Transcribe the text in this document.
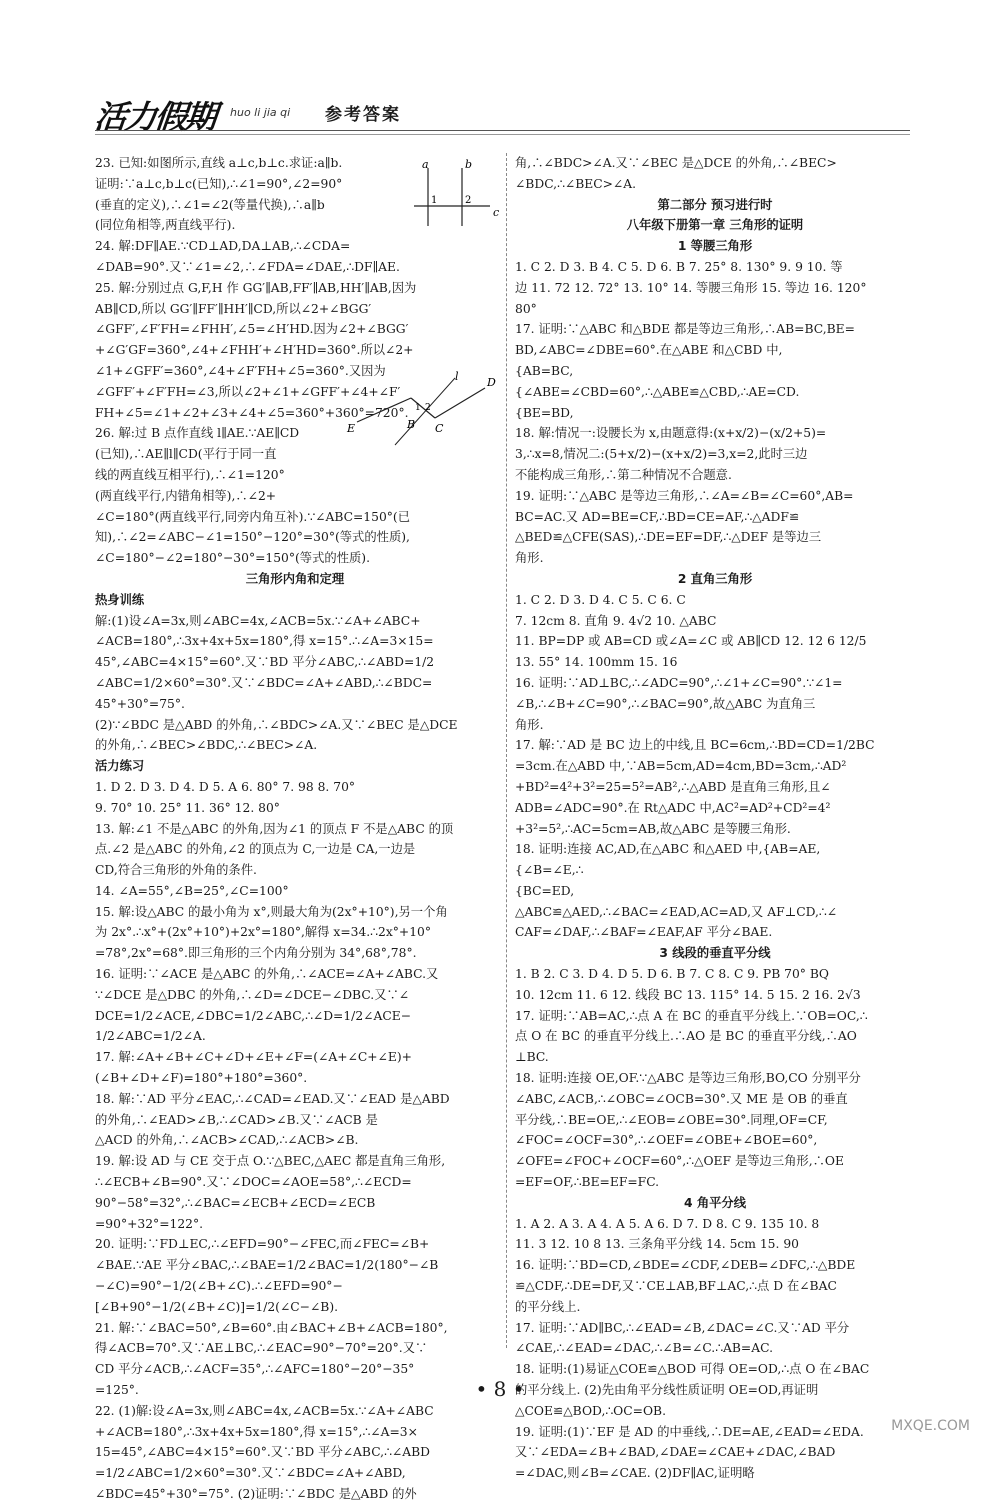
活力假期 huo li jia qi 参考答案
23. 已知:如图所示,直线 a⊥c,b⊥c.求证:a∥b.
证明:∵a⊥c,b⊥c(已知),∴∠1=90°,∠2=90°
(垂直的定义),∴∠1=∠2(等量代换),∴a∥b
(同位角相等,两直线平行).
24. 解:DF∥AE.∵CD⊥AD,DA⊥AB,∴∠CDA=
∠DAB=90°.又∵∠1=∠2,∴∠FDA=∠DAE,∴DF∥AE.
25. 解:分别过点 G,F,H 作 GG′∥AB,FF′∥AB,HH′∥AB,因为
AB∥CD,所以 GG′∥FF′∥HH′∥CD,所以∠2+∠BGG′
∠GFF′,∠F′FH=∠FHH′,∠5=∠H′HD.因为∠2+∠BGG′
+∠G′GF=360°,∠4+∠FHH′+∠H′HD=360°.所以∠2+
∠1+∠GFF′=360°,∠4+∠F′FH+∠5=360°.又因为
∠GFF′+∠F′FH=∠3,所以∠2+∠1+∠GFF′+∠4+∠F′
FH+∠5=∠1+∠2+∠3+∠4+∠5=360°+360°=720°.
26. 解:过 B 点作直线 l∥AE.∵AE∥CD
(已知),∴AE∥l∥CD(平行于同一直
线的两直线互相平行),∴∠1=120°
(两直线平行,内错角相等),∴∠2+
∠C=180°(两直线平行,同旁内角互补).∵∠ABC=150°(已
知),∴∠2=∠ABC−∠1=150°−120°=30°(等式的性质),
∠C=180°−∠2=180°−30°=150°(等式的性质).
三角形内角和定理
热身训练
解:(1)设∠A=3x,则∠ABC=4x,∠ACB=5x.∵∠A+∠ABC+
∠ACB=180°,∴3x+4x+5x=180°,得 x=15°.∴∠A=3×15=
45°,∠ABC=4×15°=60°.又∵BD 平分∠ABC,∴∠ABD=1/2
∠ABC=1/2×60°=30°.又∵∠BDC=∠A+∠ABD,∴∠BDC=
45°+30°=75°.
(2)∵∠BDC 是△ABD 的外角,∴∠BDC>∠A.又∵∠BEC 是△DCE
的外角,∴∠BEC>∠BDC,∴∠BEC>∠A.
活力练习
1. D 2. D 3. D 4. D 5. A 6. 80° 7. 98 8. 70°
9. 70° 10. 25° 11. 36° 12. 80°
13. 解:∠1 不是△ABC 的外角,因为∠1 的顶点 F 不是△ABC 的顶
点.∠2 是△ABC 的外角,∠2 的顶点为 C,一边是 CA,一边是
CD,符合三角形的外角的条件.
14. ∠A=55°,∠B=25°,∠C=100°
15. 解:设△ABC 的最小角为 x°,则最大角为(2x°+10°),另一个角
为 2x°.∴x°+(2x°+10°)+2x°=180°,解得 x=34.∴2x°+10°
=78°,2x°=68°.即三角形的三个内角分别为 34°,68°,78°.
16. 证明:∵∠ACE 是△ABC 的外角,∴∠ACE=∠A+∠ABC.又
∵∠DCE 是△DBC 的外角,∴∠D=∠DCE−∠DBC.又∵∠
DCE=1/2∠ACE,∠DBC=1/2∠ABC,∴∠D=1/2∠ACE−
1/2∠ABC=1/2∠A.
17. 解:∠A+∠B+∠C+∠D+∠E+∠F=(∠A+∠C+∠E)+
(∠B+∠D+∠F)=180°+180°=360°.
18. 解:∵AD 平分∠EAC,∴∠CAD=∠EAD.又∵∠EAD 是△ABD
的外角,∴∠EAD>∠B,∴∠CAD>∠B.又∵∠ACB 是
△ACD 的外角,∴∠ACB>∠CAD,∴∠ACB>∠B.
19. 解:设 AD 与 CE 交于点 O.∵△BEC,△AEC 都是直角三角形,
∴∠ECB+∠B=90°.又∵∠DOC=∠AOE=58°,∴∠ECD=
90°−58°=32°,∴∠BAC=∠ECB+∠ECD=∠ECB
=90°+32°=122°.
20. 证明:∵FD⊥EC,∴∠EFD=90°−∠FEC,而∠FEC=∠B+
∠BAE.∵AE 平分∠BAC,∴∠BAE=1/2∠BAC=1/2(180°−∠B
−∠C)=90°−1/2(∠B+∠C).∴∠EFD=90°−
[∠B+90°−1/2(∠B+∠C)]=1/2(∠C−∠B).
21. 解:∵∠BAC=50°,∠B=60°.由∠BAC+∠B+∠ACB=180°,
得∠ACB=70°.又∵AE⊥BC,∴∠EAC=90°−70°=20°.又∵
CD 平分∠ACB,∴∠ACF=35°,∴∠AFC=180°−20°−35°
=125°.
22. (1)解:设∠A=3x,则∠ABC=4x,∠ACB=5x.∵∠A+∠ABC
+∠ACB=180°,∴3x+4x+5x=180°,得 x=15°,∴∠A=3×
15=45°,∠ABC=4×15°=60°.又∵BD 平分∠ABC,∴∠ABD
=1/2∠ABC=1/2×60°=30°.又∵∠BDC=∠A+∠ABD,
∠BDC=45°+30°=75°. (2)证明:∵∠BDC 是△ABD 的外
角,∴∠BDC>∠A.又∵∠BEC 是△DCE 的外角,∴∠BEC>
∠BDC,∴∠BEC>∠A.
第二部分 预习进行时
八年级下册第一章 三角形的证明
1 等腰三角形
1. C 2. D 3. B 4. C 5. D 6. B 7. 25° 8. 130° 9. 9 10. 等
边 11. 72 12. 72° 13. 10° 14. 等腰三角形 15. 等边 16. 120°
80°
17. 证明:∵△ABC 和△BDE 都是等边三角形,∴AB=BC,BE=
BD,∠ABC=∠DBE=60°.在△ABE 和△CBD 中,
{AB=BC,
{∠ABE=∠CBD=60°,∴△ABE≌△CBD,∴AE=CD.
{BE=BD,
18. 解:情况一:设腰长为 x,由题意得:(x+x/2)−(x/2+5)=
3,∴x=8,情况二:(5+x/2)−(x+x/2)=3,x=2,此时三边
不能构成三角形,∴第二种情况不合题意.
19. 证明:∵△ABC 是等边三角形,∴∠A=∠B=∠C=60°,AB=
BC=AC.又 AD=BE=CF,∴BD=CE=AF,∴△ADF≌
△BED≌△CFE(SAS),∴DE=EF=DF,∴△DEF 是等边三
角形.
2 直角三角形
1. C 2. D 3. D 4. C 5. C 6. C
7. 12cm 8. 直角 9. 4√2 10. △ABC
11. BP=DP 或 AB=CD 或∠A=∠C 或 AB∥CD 12. 12 6 12/5
13. 55° 14. 100mm 15. 16
16. 证明:∵AD⊥BC,∴∠ADC=90°,∴∠1+∠C=90°.∵∠1=
∠B,∴∠B+∠C=90°,∴∠BAC=90°,故△ABC 为直角三
角形.
17. 解:∵AD 是 BC 边上的中线,且 BC=6cm,∴BD=CD=1/2BC
=3cm.在△ABD 中,∵AB=5cm,AD=4cm,BD=3cm,∴AD²
+BD²=4²+3²=25=5²=AB²,∴△ABD 是直角三角形,且∠
ADB=∠ADC=90°.在 Rt△ADC 中,AC²=AD²+CD²=4²
+3²=5²,∴AC=5cm=AB,故△ABC 是等腰三角形.
18. 证明:连接 AC,AD,在△ABC 和△AED 中,{AB=AE,
{∠B=∠E,∴
{BC=ED,
△ABC≌△AED,∴∠BAC=∠EAD,AC=AD,又 AF⊥CD,∴∠
CAF=∠DAF,∴∠BAF=∠EAF,AF 平分∠BAE.
3 线段的垂直平分线
1. B 2. C 3. D 4. D 5. D 6. B 7. C 8. C 9. PB 70° BQ
10. 12cm 11. 6 12. 线段 BC 13. 115° 14. 5 15. 2 16. 2√3
17. 证明:∵AB=AC,∴点 A 在 BC 的垂直平分线上.∵OB=OC,∴
点 O 在 BC 的垂直平分线上.∴AO 是 BC 的垂直平分线,∴AO
⊥BC.
18. 证明:连接 OE,OF.∵△ABC 是等边三角形,BO,CO 分别平分
∠ABC,∠ACB,∴∠OBC=∠OCB=30°.又 ME 是 OB 的垂直
平分线,∴BE=OE,∴∠EOB=∠OBE=30°.同理,OF=CF,
∠FOC=∠OCF=30°,∴∠OEF=∠OBE+∠BOE=60°,
∠OFE=∠FOC+∠OCF=60°,∴△OEF 是等边三角形,∴OE
=EF=OF,∴BE=EF=FC.
4 角平分线
1. A 2. A 3. A 4. A 5. A 6. D 7. D 8. C 9. 135 10. 8
11. 3 12. 10 8 13. 三条角平分线 14. 5cm 15. 90
16. 证明:∵BD=CD,∠BDE=∠CDF,∠DEB=∠DFC,∴△BDE
≌△CDF,∴DE=DF,又∵CE⊥AB,BF⊥AC,∴点 D 在∠BAC
的平分线上.
17. 证明:∵AD∥BC,∴∠EAD=∠B,∠DAC=∠C.又∵AD 平分
∠CAE,∴∠EAD=∠DAC,∴∠B=∠C.∴AB=AC.
18. 证明:(1)易证△COE≌△BOD 可得 OE=OD,∴点 O 在∠BAC
的平分线上. (2)先由角平分线性质证明 OE=OD,再证明
△COE≌△BOD,∴OC=OB.
19. 证明:(1)∵EF 是 AD 的中垂线,∴DE=AE,∠EAD=∠EDA.
又∵∠EDA=∠B+∠BAD,∠DAE=∠CAE+∠DAC,∠BAD
=∠DAC,则∠B=∠CAE. (2)DF∥AC,证明略
a	b
1	2
c
l	D
1 2
E	B C
• 8 •
MXQE.COM
